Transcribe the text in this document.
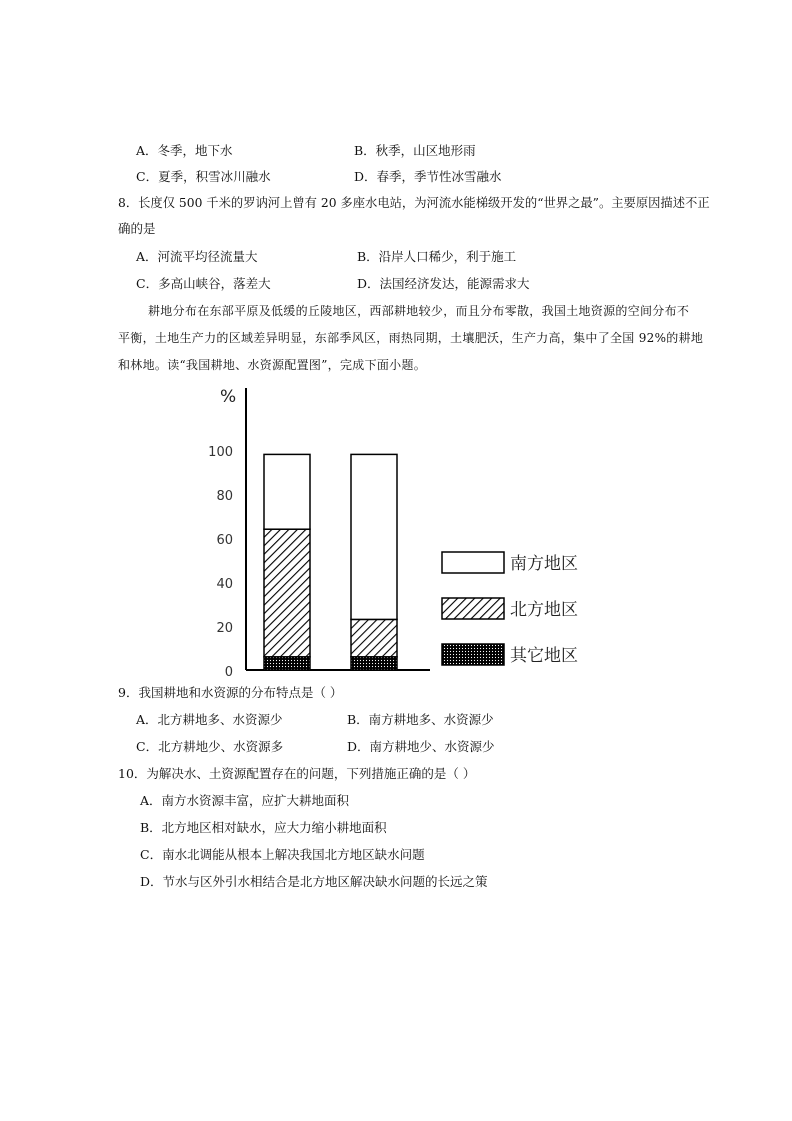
A．冬季，地下水	B．秋季，山区地形雨
C．夏季，积雪冰川融水	D．春季，季节性冰雪融水
8．长度仅 500 千米的罗讷河上曾有 20 多座水电站，为河流水能梯级开发的“世界之最”。主要原因描述不正
确的是
A．河流平均径流量大	B．沿岸人口稀少，利于施工
C．多高山峡谷，落差大	D．法国经济发达，能源需求大
耕地分布在东部平原及低缓的丘陵地区，西部耕地较少，而且分布零散，我国土地资源的空间分布不
平衡，土地生产力的区域差异明显，东部季风区，雨热同期，土壤肥沃，生产力高，集中了全国 92%的耕地
和林地。读“我国耕地、水资源配置图”，完成下面小题。
%
0
20
40
60
80
100
南方地区
北方地区
其它地区
9．我国耕地和水资源的分布特点是（ ）
A．北方耕地多、水资源少	B．南方耕地多、水资源少
C．北方耕地少、水资源多	D．南方耕地少、水资源少
10．为解决水、土资源配置存在的问题，下列措施正确的是（ ）
A．南方水资源丰富，应扩大耕地面积
B．北方地区相对缺水，应大力缩小耕地面积
C．南水北调能从根本上解决我国北方地区缺水问题
D．节水与区外引水相结合是北方地区解决缺水问题的长远之策
